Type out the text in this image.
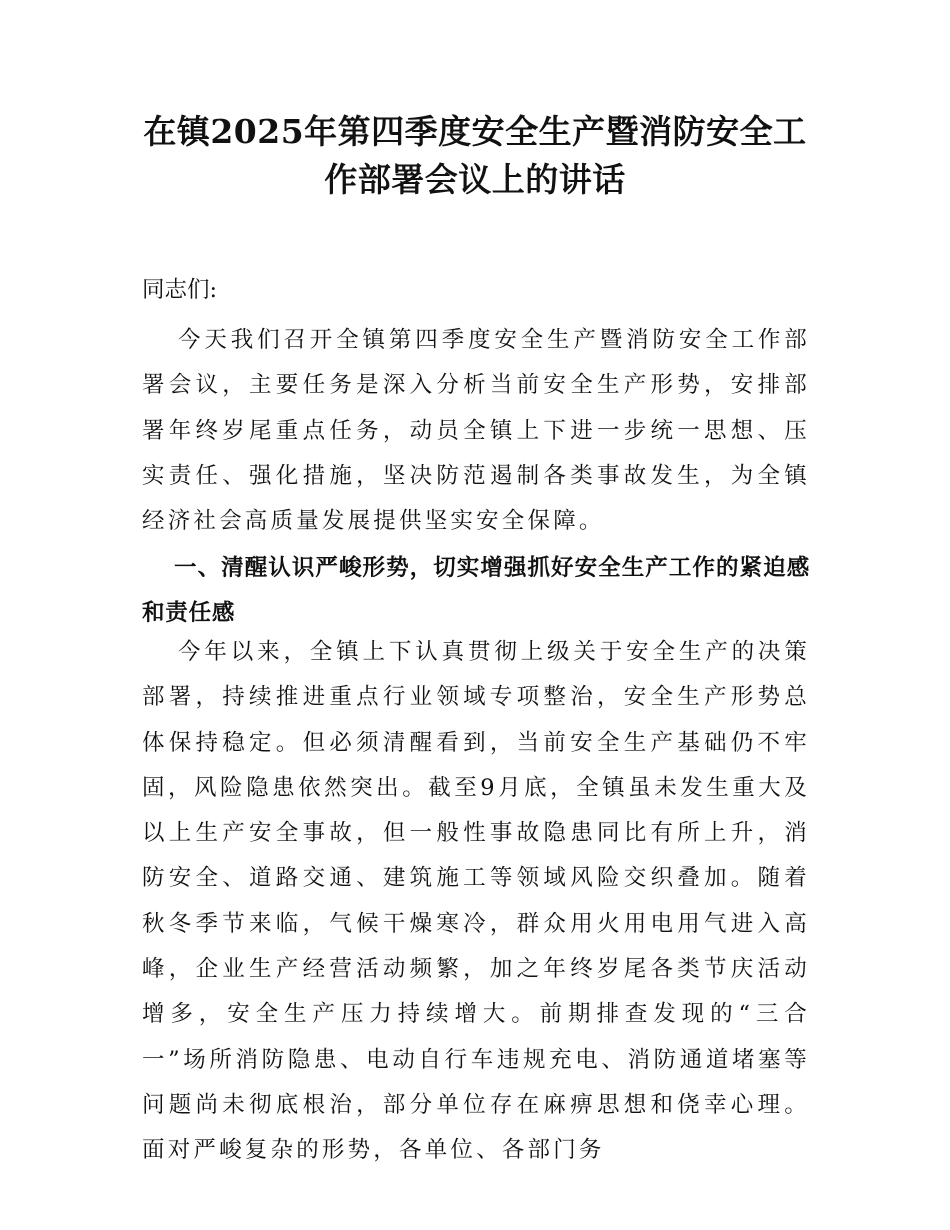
在镇2025年第四季度安全生产暨消防安全工
作部署会议上的讲话

同志们:

今天我们召开全镇第四季度安全生产暨消防安全工作部署会议，主要任务是深入分析当前安全生产形势，安排部署年终岁尾重点任务，动员全镇上下进一步统一思想、压实责任、强化措施，坚决防范遏制各类事故发生，为全镇经济社会高质量发展提供坚实安全保障。

一、清醒认识严峻形势，切实增强抓好安全生产工作的紧迫感和责任感

今年以来，全镇上下认真贯彻上级关于安全生产的决策部署，持续推进重点行业领域专项整治，安全生产形势总体保持稳定。但必须清醒看到，当前安全生产基础仍不牢固，风险隐患依然突出。截至9月底，全镇虽未发生重大及以上生产安全事故，但一般性事故隐患同比有所上升，消防安全、道路交通、建筑施工等领域风险交织叠加。随着秋冬季节来临，气候干燥寒冷，群众用火用电用气进入高峰，企业生产经营活动频繁，加之年终岁尾各类节庆活动增多，安全生产压力持续增大。前期排查发现的“三合一”场所消防隐患、电动自行车违规充电、消防通道堵塞等问题尚未彻底根治，部分单位存在麻痹思想和侥幸心理。面对严峻复杂的形势，各单位、各部门务
